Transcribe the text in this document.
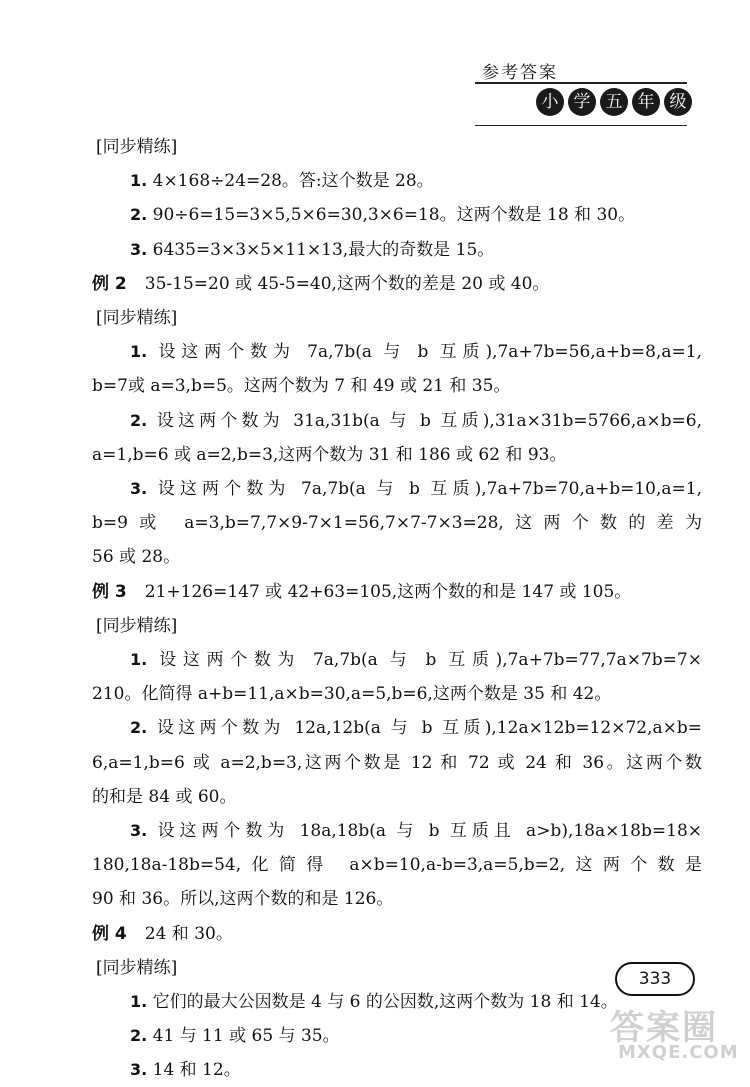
参考答案
小 学 五 年 级
[同步精练]
1. 4×168÷24=28。答:这个数是 28。
2. 90÷6=15=3×5,5×6=30,3×6=18。这两个数是 18 和 30。
3. 6435=3×3×5×11×13,最大的奇数是 15。
例 2 35-15=20 或 45-5=40,这两个数的差是 20 或 40。
[同步精练]
1. 设这两个数为 7a,7b(a 与 b 互质),7a+7b=56,a+b=8,a=1,
b=7或 a=3,b=5。这两个数为 7 和 49 或 21 和 35。
2. 设这两个数为 31a,31b(a 与 b 互质),31a×31b=5766,a×b=6,
a=1,b=6 或 a=2,b=3,这两个数为 31 和 186 或 62 和 93。
3. 设这两个数为 7a,7b(a 与 b 互质),7a+7b=70,a+b=10,a=1,
b=9或 a=3,b=7,7×9-7×1=56,7×7-7×3=28,这两个数的差为
56 或 28。
例 3 21+126=147 或 42+63=105,这两个数的和是 147 或 105。
[同步精练]
1. 设这两个数为 7a,7b(a 与 b 互质),7a+7b=77,7a×7b=7×
210。化简得 a+b=11,a×b=30,a=5,b=6,这两个数是 35 和 42。
2. 设这两个数为 12a,12b(a 与 b 互质),12a×12b=12×72,a×b=
6,a=1,b=6 或 a=2,b=3,这两个数是 12 和 72 或 24 和 36。这两个数
的和是 84 或 60。
3. 设这两个数为 18a,18b(a 与 b 互质且 a>b),18a×18b=18×
180,18a-18b=54,化简得 a×b=10,a-b=3,a=5,b=2,这两个数是
90 和 36。所以,这两个数的和是 126。
例 4 24 和 30。
[同步精练]
1. 它们的最大公因数是 4 与 6 的公因数,这两个数为 18 和 14。
2. 41 与 11 或 65 与 35。
3. 14 和 12。
333
答案圈
MXQE.COM
